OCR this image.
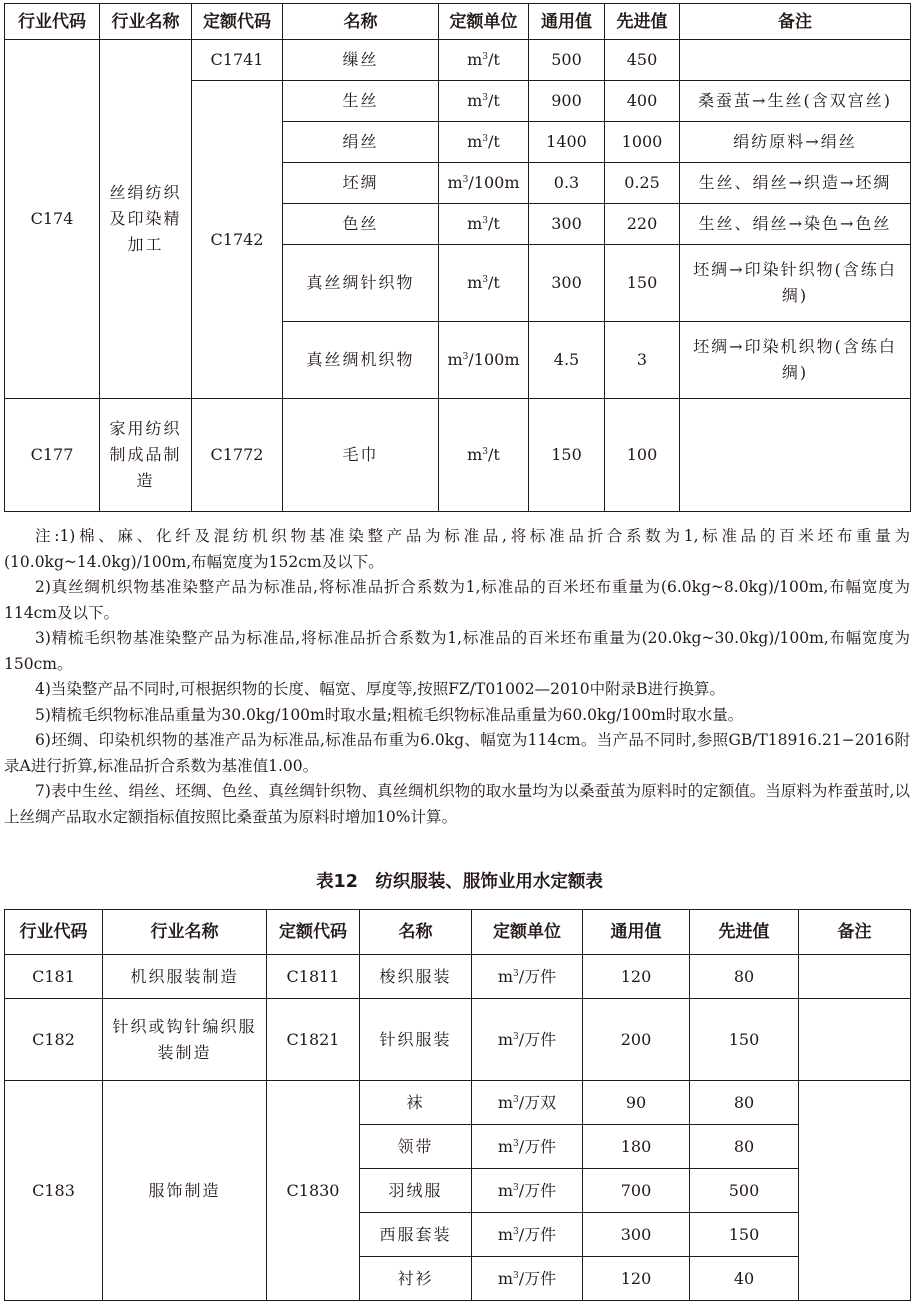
行业代码	行业名称	定额代码	名称	定额单位	通用值	先进值	备注
C174	丝绢纺织及印染精加工	C1741	缫丝	$m^3/t$	500	450	
		C1742	生丝	$m^3/t$	900	400	桑蚕茧→生丝(含双宫丝)
			绢丝	$m^3/t$	1400	1000	绢纺原料→绢丝
			坯绸	$m^3/100m$	0.3	0.25	生丝、绢丝→织造→坯绸
			色丝	$m^3/t$	300	220	生丝、绢丝→染色→色丝
			真丝绸针织物	$m^3/t$	300	150	坯绸→印染针织物(含练白绸)
			真丝绸机织物	$m^3/100m$	4.5	3	坯绸→印染机织物(含练白绸)
C177	家用纺织制成品制造	C1772	毛巾	$m^3/t$	150	100	

注:1)棉、麻、化纤及混纺机织物基准染整产品为标准品,将标准品折合系数为1,标准品的百米坯布重量为(10.0kg~14.0kg)/100m,布幅宽度为152cm及以下。

2)真丝绸机织物基准染整产品为标准品,将标准品折合系数为1,标准品的百米坯布重量为(6.0kg~8.0kg)/100m,布幅宽度为114cm及以下。

3)精梳毛织物基准染整产品为标准品,将标准品折合系数为1,标准品的百米坯布重量为(20.0kg~30.0kg)/100m,布幅宽度为150cm。

4)当染整产品不同时,可根据织物的长度、幅宽、厚度等,按照FZ/T01002—2010中附录B进行换算。

5)精梳毛织物标准品重量为30.0kg/100m时取水量;粗梳毛织物标准品重量为60.0kg/100m时取水量。

6)坯绸、印染机织物的基准产品为标准品,标准品布重为6.0kg、幅宽为114cm。当产品不同时,参照GB/T18916.21−2016附录A进行折算,标准品折合系数为基准值1.00。

7)表中生丝、绢丝、坯绸、色丝、真丝绸针织物、真丝绸机织物的取水量均为以桑蚕茧为原料时的定额值。当原料为柞蚕茧时,以上丝绸产品取水定额指标值按照比桑蚕茧为原料时增加10%计算。

表12　纺织服装、服饰业用水定额表
行业代码	行业名称	定额代码	名称	定额单位	通用值	先进值	备注
C181	机织服装制造	C1811	梭织服装	$m^3/$万件	120	80	
C182	针织或钩针编织服装制造	C1821	针织服装	$m^3/$万件	200	150	
C183	服饰制造	C1830	袜	$m^3/$万双	90	80	
			领带	$m^3/$万件	180	80	
			羽绒服	$m^3/$万件	700	500	
			西服套装	$m^3/$万件	300	150	
			衬衫	$m^3/$万件	120	40	
